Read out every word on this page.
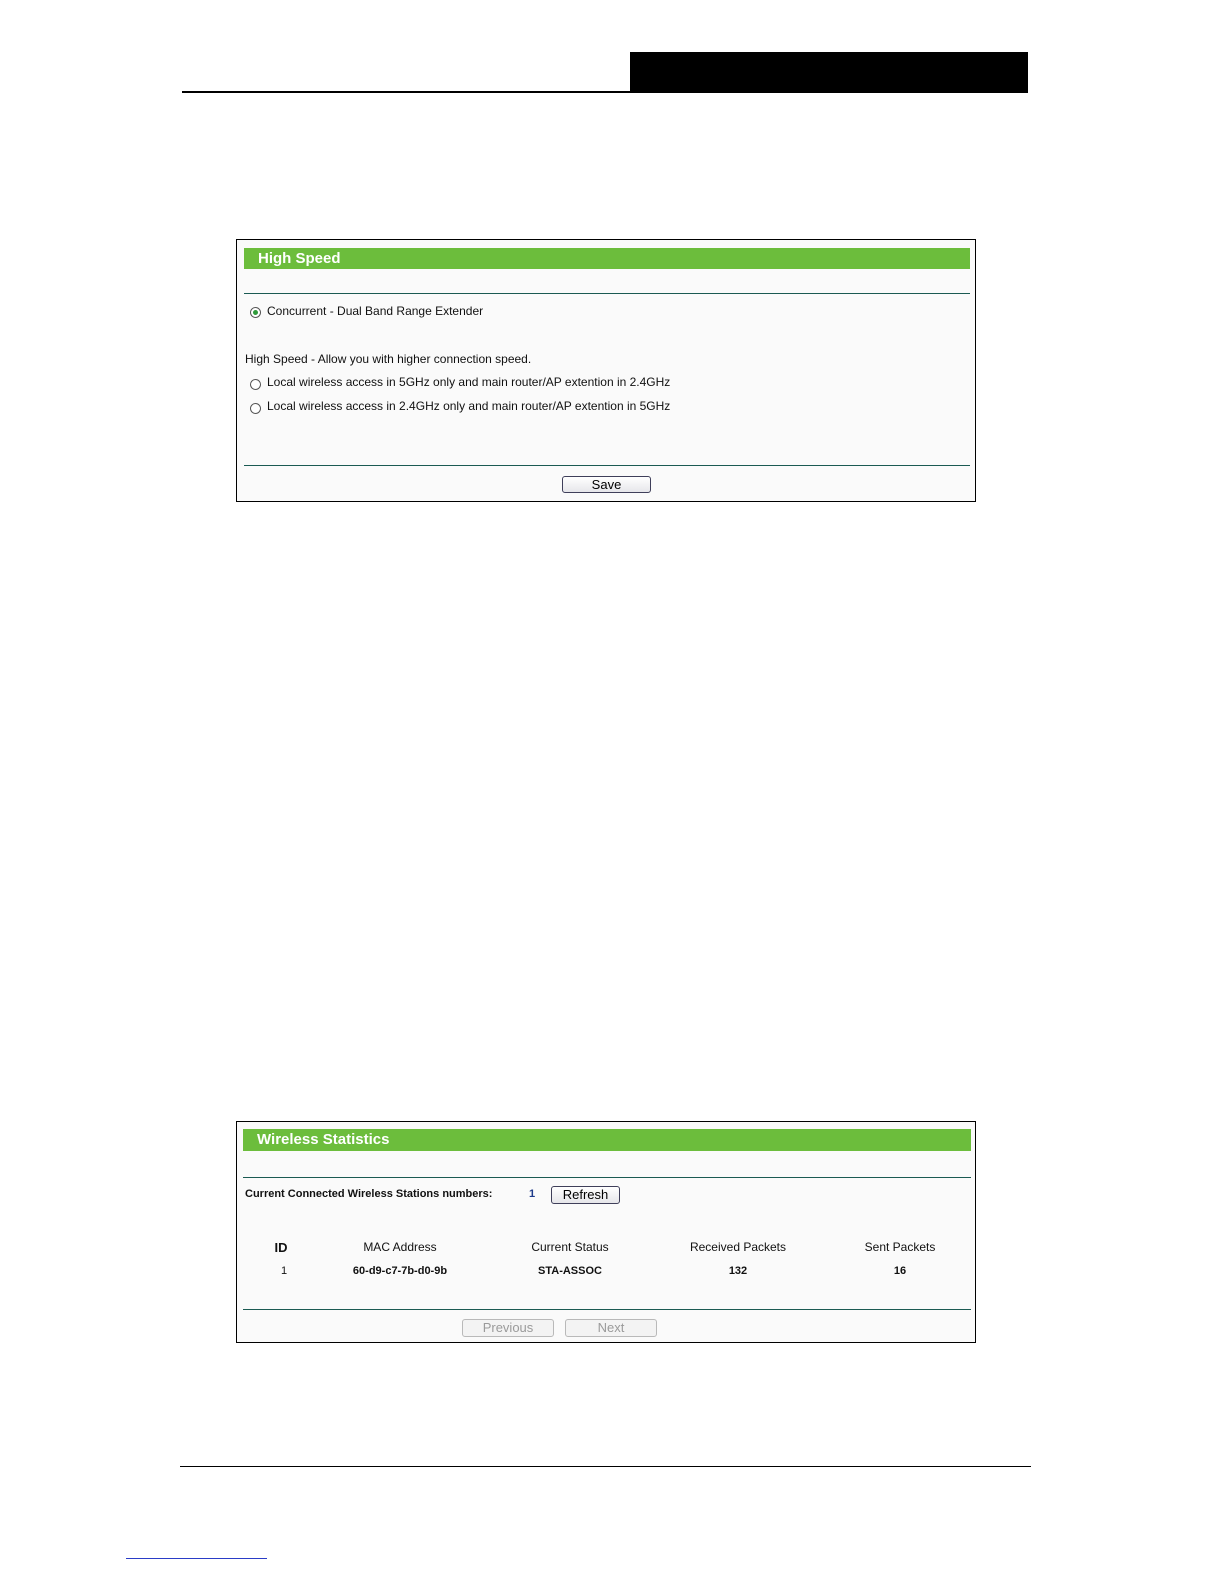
High Speed
Concurrent - Dual Band Range Extender
High Speed - Allow you with higher connection speed.
Local wireless access in 5GHz only and main router/AP extention in 2.4GHz
Local wireless access in 2.4GHz only and main router/AP extention in 5GHz
Save
Wireless Statistics
Current Connected Wireless Stations numbers:	1	Refresh
ID	MAC Address	Current Status	Received Packets	Sent Packets
1	60-d9-c7-7b-d0-9b	STA-ASSOC	132	16
Previous	Next
